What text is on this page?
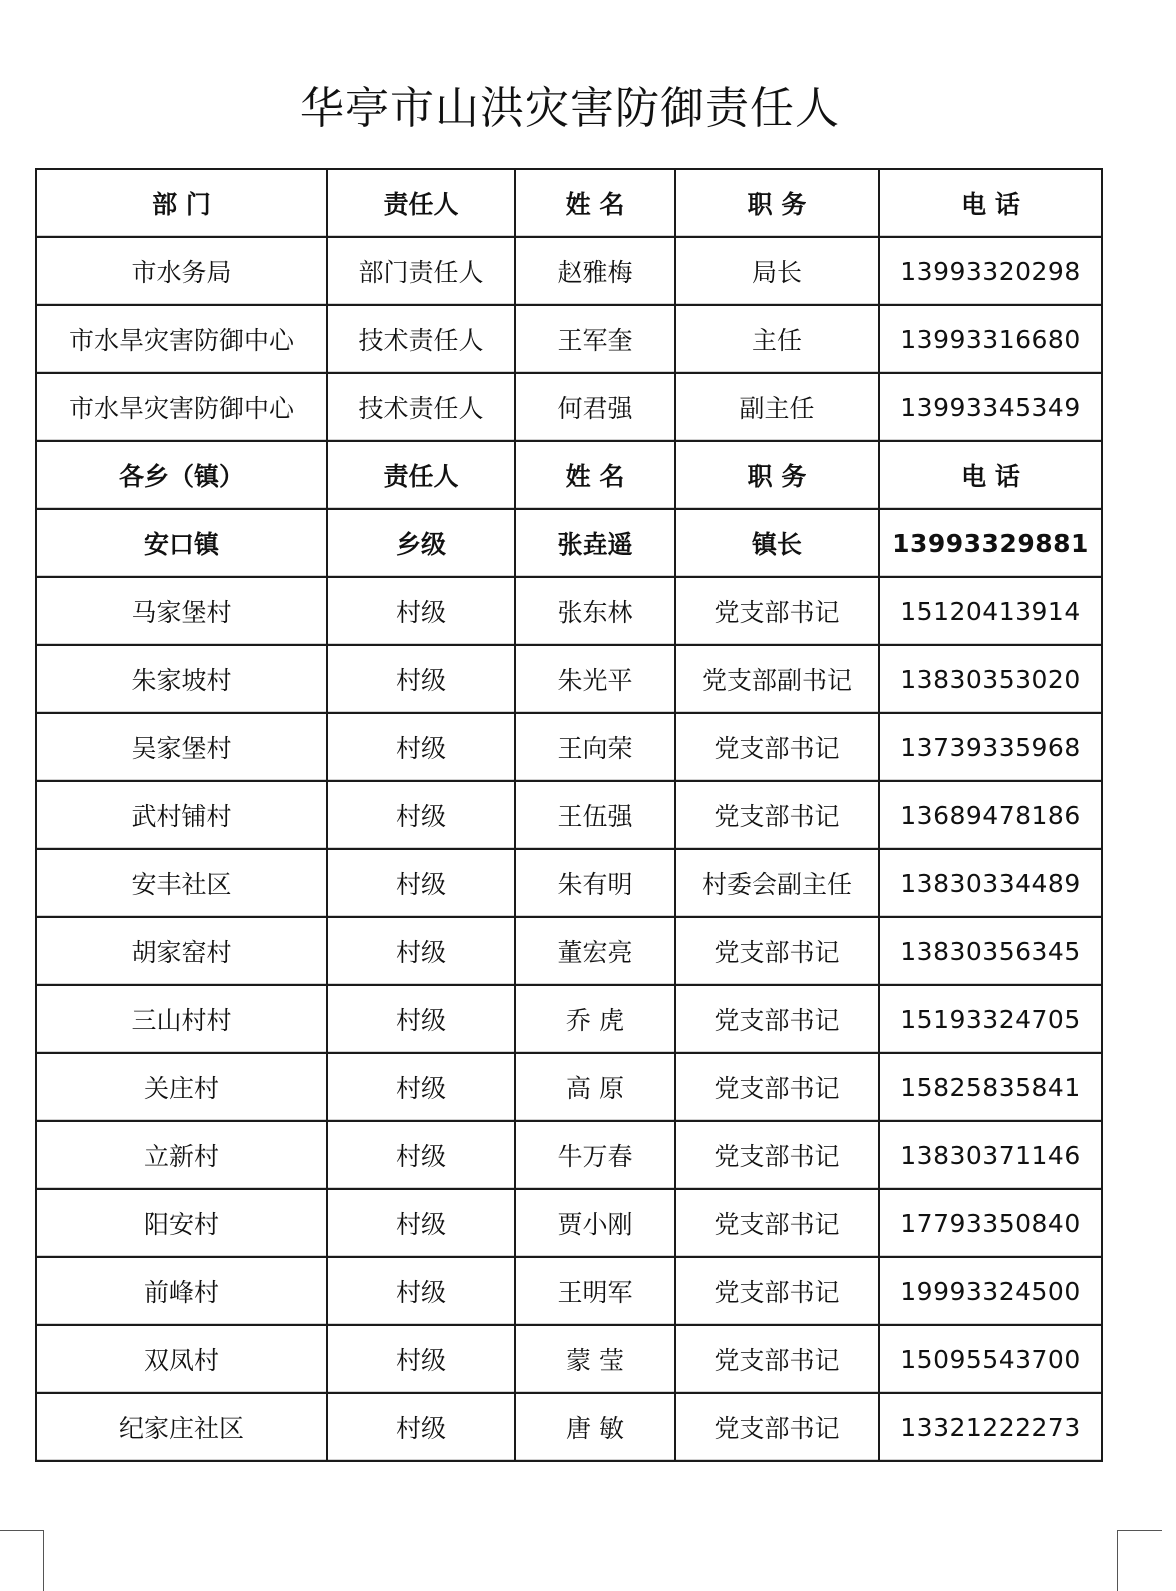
华亭市山洪灾害防御责任人
部 门	责任人	姓 名	职 务	电 话
市水务局	部门责任人	赵雅梅	局长	13993320298
市水旱灾害防御中心	技术责任人	王军奎	主任	13993316680
市水旱灾害防御中心	技术责任人	何君强	副主任	13993345349
各乡（镇）	责任人	姓 名	职 务	电 话
安口镇	乡级	张垚遥	镇长	13993329881
马家堡村	村级	张东林	党支部书记	15120413914
朱家坡村	村级	朱光平	党支部副书记	13830353020
吴家堡村	村级	王向荣	党支部书记	13739335968
武村铺村	村级	王伍强	党支部书记	13689478186
安丰社区	村级	朱有明	村委会副主任	13830334489
胡家窑村	村级	董宏亮	党支部书记	13830356345
三山村村	村级	乔 虎	党支部书记	15193324705
关庄村	村级	高 原	党支部书记	15825835841
立新村	村级	牛万春	党支部书记	13830371146
阳安村	村级	贾小刚	党支部书记	17793350840
前峰村	村级	王明军	党支部书记	19993324500
双凤村	村级	蒙 莹	党支部书记	15095543700
纪家庄社区	村级	唐 敏	党支部书记	13321222273
